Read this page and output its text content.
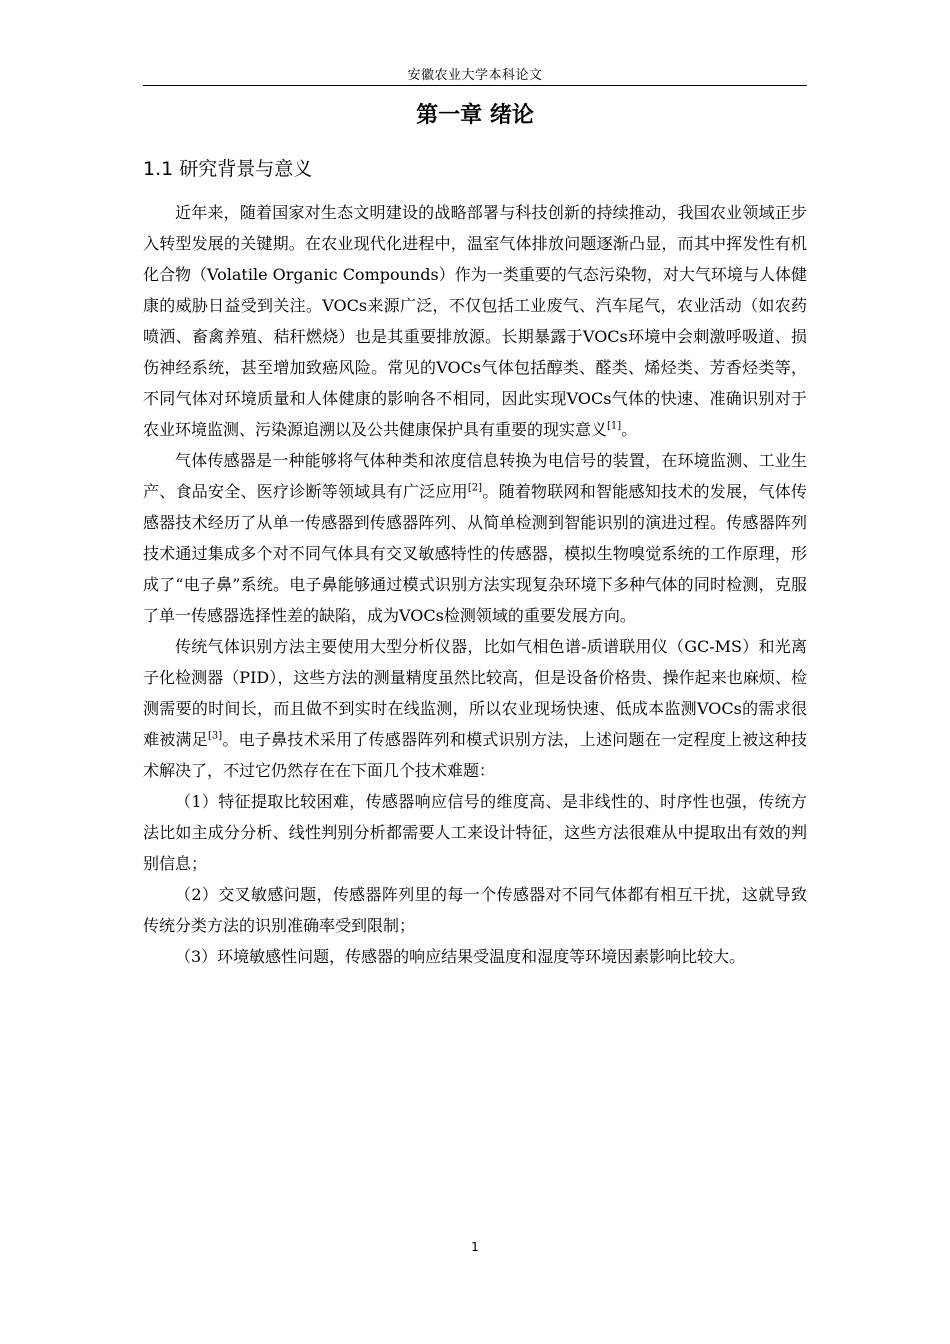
安徽农业大学本科论文
第一章 绪论
1.1 研究背景与意义

近年来，随着国家对生态文明建设的战略部署与科技创新的持续推动，我国农业领域正步入转型发展的关键期。在农业现代化进程中，温室气体排放问题逐渐凸显，而其中挥发性有机化合物（Volatile Organic Compounds）作为一类重要的气态污染物，对大气环境与人体健康的威胁日益受到关注。VOCs来源广泛，不仅包括工业废气、汽车尾气，农业活动（如农药喷洒、畜禽养殖、秸秆燃烧）也是其重要排放源。长期暴露于VOCs环境中会刺激呼吸道、损伤神经系统，甚至增加致癌风险。常见的VOCs气体包括醇类、醛类、烯烃类、芳香烃类等，不同气体对环境质量和人体健康的影响各不相同，因此实现VOCs气体的快速、准确识别对于农业环境监测、污染源追溯以及公共健康保护具有重要的现实意义[1]。

气体传感器是一种能够将气体种类和浓度信息转换为电信号的装置，在环境监测、工业生产、食品安全、医疗诊断等领域具有广泛应用[2]。随着物联网和智能感知技术的发展，气体传感器技术经历了从单一传感器到传感器阵列、从简单检测到智能识别的演进过程。传感器阵列技术通过集成多个对不同气体具有交叉敏感特性的传感器，模拟生物嗅觉系统的工作原理，形成了“电子鼻”系统。电子鼻能够通过模式识别方法实现复杂环境下多种气体的同时检测，克服了单一传感器选择性差的缺陷，成为VOCs检测领域的重要发展方向。

传统气体识别方法主要使用大型分析仪器，比如气相色谱-质谱联用仪（GC-MS）和光离子化检测器（PID），这些方法的测量精度虽然比较高，但是设备价格贵、操作起来也麻烦、检测需要的时间长，而且做不到实时在线监测，所以农业现场快速、低成本监测VOCs的需求很难被满足[3]。电子鼻技术采用了传感器阵列和模式识别方法，上述问题在一定程度上被这种技术解决了，不过它仍然存在在下面几个技术难题：

（1）特征提取比较困难，传感器响应信号的维度高、是非线性的、时序性也强，传统方法比如主成分分析、线性判别分析都需要人工来设计特征，这些方法很难从中提取出有效的判别信息；

（2）交叉敏感问题，传感器阵列里的每一个传感器对不同气体都有相互干扰，这就导致传统分类方法的识别准确率受到限制；

（3）环境敏感性问题，传感器的响应结果受温度和湿度等环境因素影响比较大。

1
